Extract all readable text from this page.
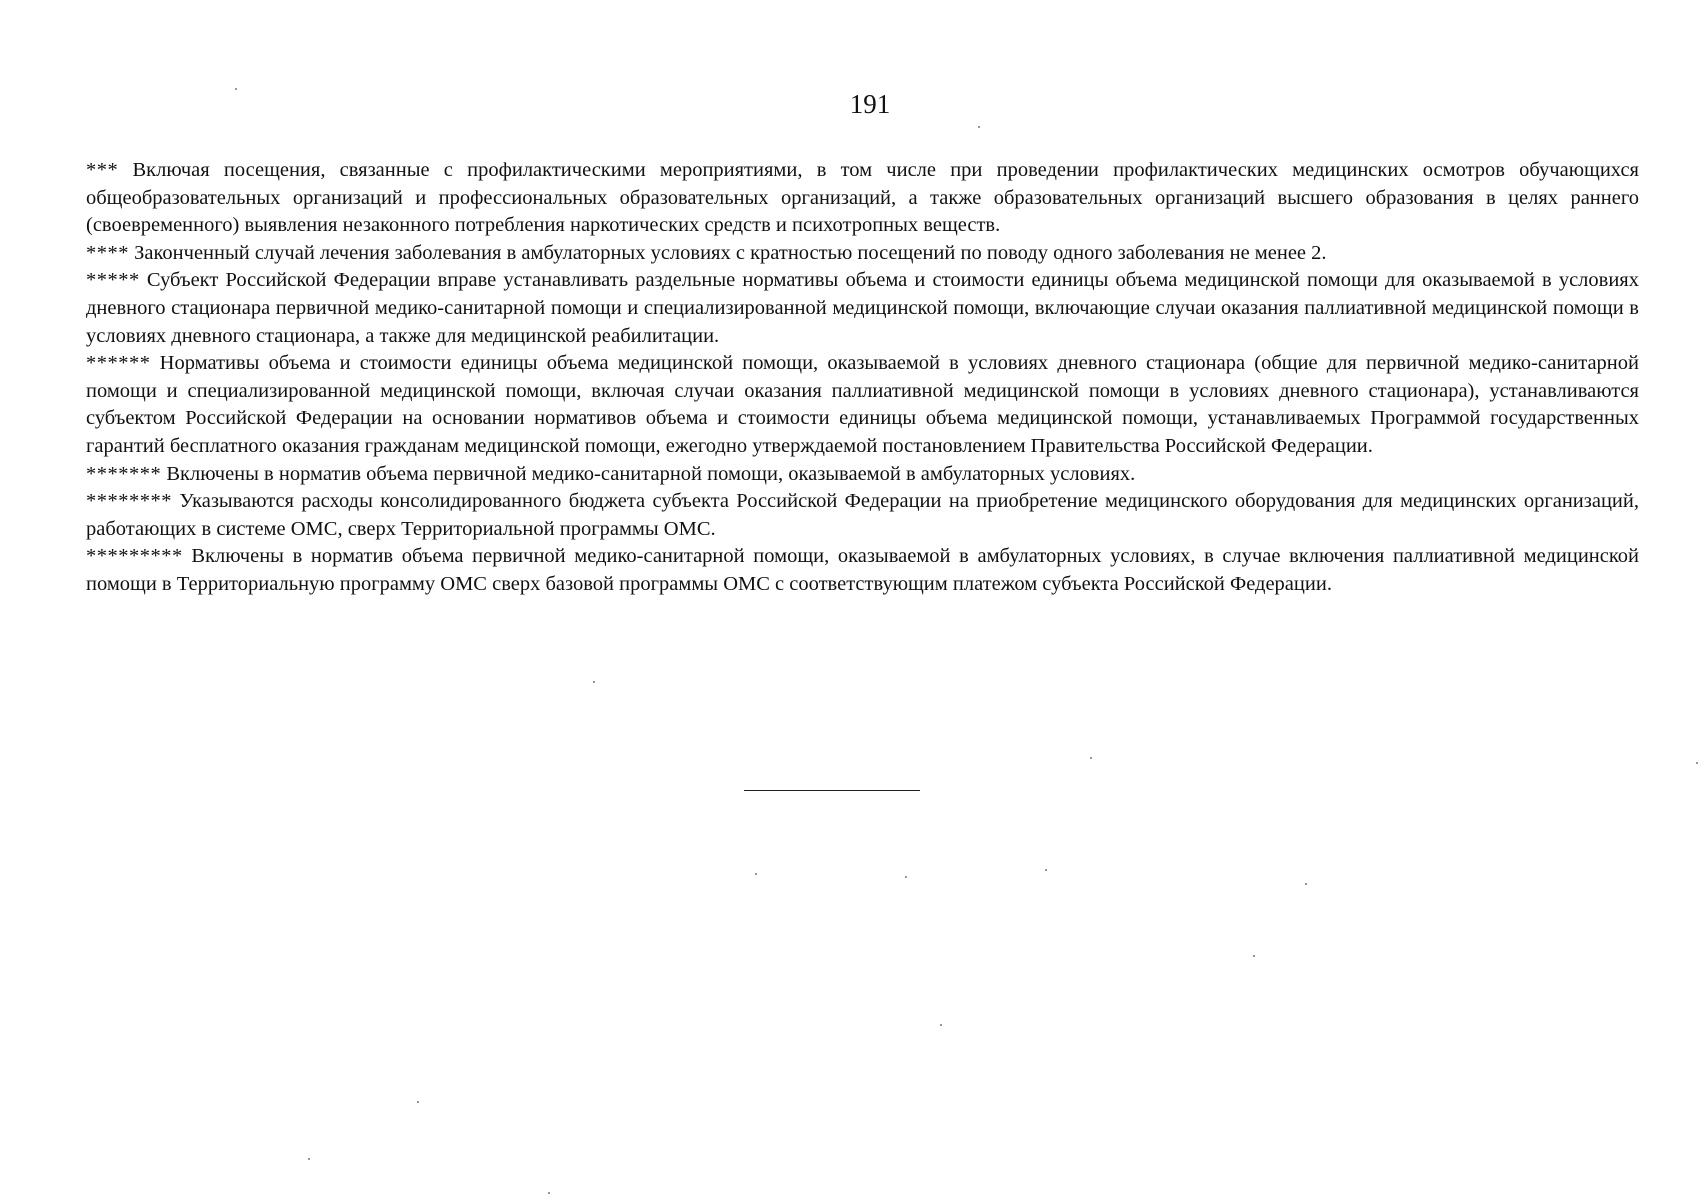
191

*** Включая посещения, связанные с профилактическими мероприятиями, в том числе при проведении профилактических медицинских осмотров обучающихся общеобразовательных организаций и профессиональных образовательных организаций, а также образовательных организаций высшего образования в целях раннего (своевременного) выявления незаконного потребления наркотических средств и психотропных веществ.

**** Законченный случай лечения заболевания в амбулаторных условиях с кратностью посещений по поводу одного заболевания не менее 2.

***** Субъект Российской Федерации вправе устанавливать раздельные нормативы объема и стоимости единицы объема медицинской помощи для оказываемой в условиях дневного стационара первичной медико-санитарной помощи и специализированной медицинской помощи, включающие случаи оказания паллиативной медицинской помощи в условиях дневного стационара, а также для медицинской реабилитации.

****** Нормативы объема и стоимости единицы объема медицинской помощи, оказываемой в условиях дневного стационара (общие для первичной медико-санитарной помощи и специализированной медицинской помощи, включая случаи оказания паллиативной медицинской помощи в условиях дневного стационара), устанавливаются субъектом Российской Федерации на основании нормативов объема и стоимости единицы объема медицинской помощи, устанавливаемых Программой государственных гарантий бесплатного оказания гражданам медицинской помощи, ежегодно утверждаемой постановлением Правительства Российской Федерации.

******* Включены в норматив объема первичной медико-санитарной помощи, оказываемой в амбулаторных условиях.

******** Указываются расходы консолидированного бюджета субъекта Российской Федерации на приобретение медицинского оборудования для медицинских организаций, работающих в системе ОМС, сверх Территориальной программы ОМС.

********* Включены в норматив объема первичной медико-санитарной помощи, оказываемой в амбулаторных условиях, в случае включения паллиативной медицинской помощи в Территориальную программу ОМС сверх базовой программы ОМС с соответствующим платежом субъекта Российской Федерации.
